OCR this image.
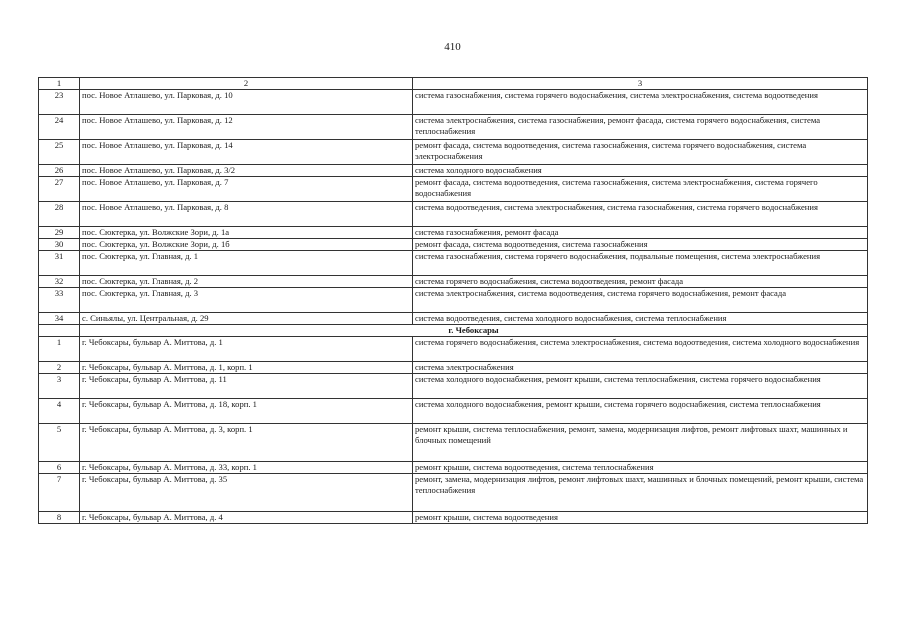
410
1	2	3
23	пос. Новое Атлашево, ул. Парковая, д. 10	система газоснабжения, система горячего водоснабжения, система электроснабжения, система водоотведения
24	пос. Новое Атлашево, ул. Парковая, д. 12	система электроснабжения, система газоснабжения, ремонт фасада, система горячего водоснабжения, система теплоснабжения
25	пос. Новое Атлашево, ул. Парковая, д. 14	ремонт фасада, система водоотведения, система газоснабжения, система горячего водоснабжения, система электроснабжения
26	пос. Новое Атлашево, ул. Парковая, д. 3/2	система холодного водоснабжения
27	пос. Новое Атлашево, ул. Парковая, д. 7	ремонт фасада, система водоотведения, система газоснабжения, система электроснабжения, система горячего водоснабжения
28	пос. Новое Атлашево, ул. Парковая, д. 8	система водоотведения, система электроснабжения, система газоснабжения, система горячего водоснабжения
29	пос. Сюктерка, ул. Волжские Зори, д. 1а	система газоснабжения, ремонт фасада
30	пос. Сюктерка, ул. Волжские Зори, д. 1б	ремонт фасада, система водоотведения, система газоснабжения
31	пос. Сюктерка, ул. Главная, д. 1	система газоснабжения, система горячего водоснабжения, подвальные помещения, система электроснабжения
32	пос. Сюктерка, ул. Главная, д. 2	система горячего водоснабжения, система водоотведения, ремонт фасада
33	пос. Сюктерка, ул. Главная, д. 3	система электроснабжения, система водоотведения, система горячего водоснабжения, ремонт фасада
34	с. Синьялы, ул. Центральная, д. 29	система водоотведения, система холодного водоснабжения, система теплоснабжения
	г. Чебоксары	
1	г. Чебоксары, бульвар А. Миттова, д. 1	система горячего водоснабжения, система электроснабжения, система водоотведения, система холодного водоснабжения
2	г. Чебоксары, бульвар А. Миттова, д. 1, корп. 1	система электроснабжения
3	г. Чебоксары, бульвар А. Миттова, д. 11	система холодного водоснабжения, ремонт крыши, система теплоснабжения, система горячего водоснабжения
4	г. Чебоксары, бульвар А. Миттова, д. 18, корп. 1	система холодного водоснабжения, ремонт крыши, система горячего водоснабжения, система теплоснабжения
5	г. Чебоксары, бульвар А. Миттова, д. 3, корп. 1	ремонт крыши, система теплоснабжения, ремонт, замена, модернизация лифтов, ремонт лифтовых шахт, машинных и блочных помещений
6	г. Чебоксары, бульвар А. Миттова, д. 33, корп. 1	ремонт крыши, система водоотведения, система теплоснабжения
7	г. Чебоксары, бульвар А. Миттова, д. 35	ремонт, замена, модернизация лифтов, ремонт лифтовых шахт, машинных и блочных помещений, ремонт крыши, система теплоснабжения
8	г. Чебоксары, бульвар А. Миттова, д. 4	ремонт крыши, система водоотведения
